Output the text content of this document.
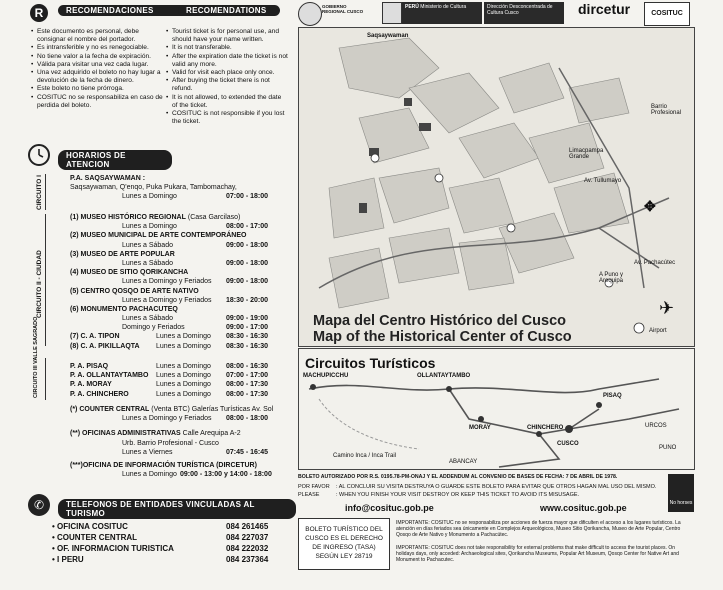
R	RECOMENDACIONES	RECOMENDATIONS
• Este documento es personal, debe consignar el nombre del portador.
• Es intransferible y no es renegociable.
• No tiene valor a la fecha de expiración.
• Válida para visitar una vez cada lugar.
• Una vez adquirido el boleto no hay lugar a devolución de la fecha de dinero.
• Este boleto no tiene prórroga.
• COSITUC no se responsabiliza en caso de perdida del boleto.
• Tourist ticket is for personal use, and should have your name written.
• It is not transferable.
• After the expiration date the ticket is not valid any more.
• Valid for visit each place only once.
• After buying the ticket there is not refund.
• It is not allowed, to extended the date of the ticket.
• COSITUC is not responsible if you lost the ticket.
HORARIOS DE ATENCION
CIRCUITO I
CIRCUITO II - CIUDAD
CIRCUITO III VALLE SAGRADO
P.A. SAQSAYWAMAN :
Saqsaywaman, Q'enqo, Puka Pukara, Tambomachay,
Lunes a Domingo	07:00 - 18:00
(1) MUSEO HISTÓRICO REGIONAL (Casa Garcilaso)
Lunes a Domingo	08:00 - 17:00
(2) MUSEO MUNICIPAL DE ARTE CONTEMPORÁNEO
Lunes a Sábado	09:00 - 18:00
(3) MUSEO DE ARTE POPULAR
Lunes a Sábado	09:00 - 18:00
(4) MUSEO DE SITIO QORIKANCHA
Lunes a Domingo y Feriados 09:00 - 18:00
(5) CENTRO QOSQO DE ARTE NATIVO
Lunes a Domingo y Feriados 18:30 - 20:00
(6) MONUMENTO PACHACUTEQ
Lunes a Sábado	09:00 - 19:00
Domingo y Feriados	09:00 - 17:00
(7) C. A. TIPON	Lunes a Domingo 08:30 - 16:30
(8) C. A. PIKILLAQTA Lunes a Domingo 08:30 - 16:30
P. A. PISAQ	Lunes a Domingo 08:00 - 16:30
P. A. OLLANTAYTAMBO Lunes a Domingo 07:00 - 17:00
P. A. MORAY	Lunes a Domingo 08:00 - 17:30
P. A. CHINCHERO	Lunes a Domingo 08:00 - 17:30
(*) COUNTER CENTRAL (Venta BTC) Galerías Turísticas Av. Sol
Lunes a Domingo y Feriados 08:00 - 18:00
(**) OFICINAS ADMINISTRATIVAS Calle Arequipa A-2
Urb. Barrio Profesional - Cusco
Lunes a Viernes	07:45 - 16:45
(***)OFICINA DE INFORMACIÓN TURÍSTICA (DIRCETUR)
Lunes a Domingo 09:00 - 13:00 y 14:00 - 18:00
✆	TELEFONOS DE ENTIDADES VINCULADAS AL TURISMO
• OFICINA COSITUC	084 261465
• COUNTER CENTRAL	084 227037
• OF. INFORMACION TURISTICA	084 222032
• I PERU	084 237364
GOBIERNO REGIONAL CUSCO
PERÚ Ministerio de Cultura	Dirección Desconcentrada de Cultura Cusco	dircetur	COSITUC
Saqsaywaman
Barrio Profesional
Limacpampa Grande
Av. Tullumayo
Av. Pachacútec
A Puno y Arequipa
Airport
✈
✥
Mapa del Centro Histórico del Cusco
Map of the Historical Center of Cusco
Circuitos Turísticos
MACHUPICCHU	OLLANTAYTAMBO
MORAY	CHINCHERO
CUSCO
PISAQ
Camino Inca / Inca Trail
ABANCAY
PUNO
URCOS
BOLETO AUTORIZADO POR R.S. 0195.78-PM-ONAJ Y EL ADDENDUM AL CONVENIO DE BASES DE FECHA: 7 DE ABRIL DE 1978.
POR FAVOR	: AL CONCLUIR SU VISITA DESTRUYA O GUARDE ESTE BOLETO PARA EVITAR QUE OTROS HAGAN MAL USO DEL MISMO.
PLEASE	: WHEN YOU FINISH YOUR VISIT DESTROY OR KEEP THIS TICKET TO AVOID ITS MISUSAGE.
info@cosituc.gob.pe	www.cosituc.gob.pe	No horses
BOLETO TURÍSTICO DEL
CUSCO ES EL DERECHO
DE INGRESO (TASA)
SEGÚN LEY 28719
IMPORTANTE: COSITUC no se responsabiliza por acciones de fuerza mayor que dificulten el acceso a los lugares turísticos. La atención en días feriados sea únicamente en Complejos Arqueológicos, Museo Sitio Qorikancha, Museo de Arte Popular, Centro Qosqo de Arte Nativo y Monumento a Pachacútec.
IMPORTANTE: COSITUC does not take responsibility for external problems that make difficult to access the tourist places. On holidays days, only acceded: Archaeological sites, Qorikancha Museums, Popular Art Museum, Qosqo Center for Native Art and Monument to Pachacutec.
